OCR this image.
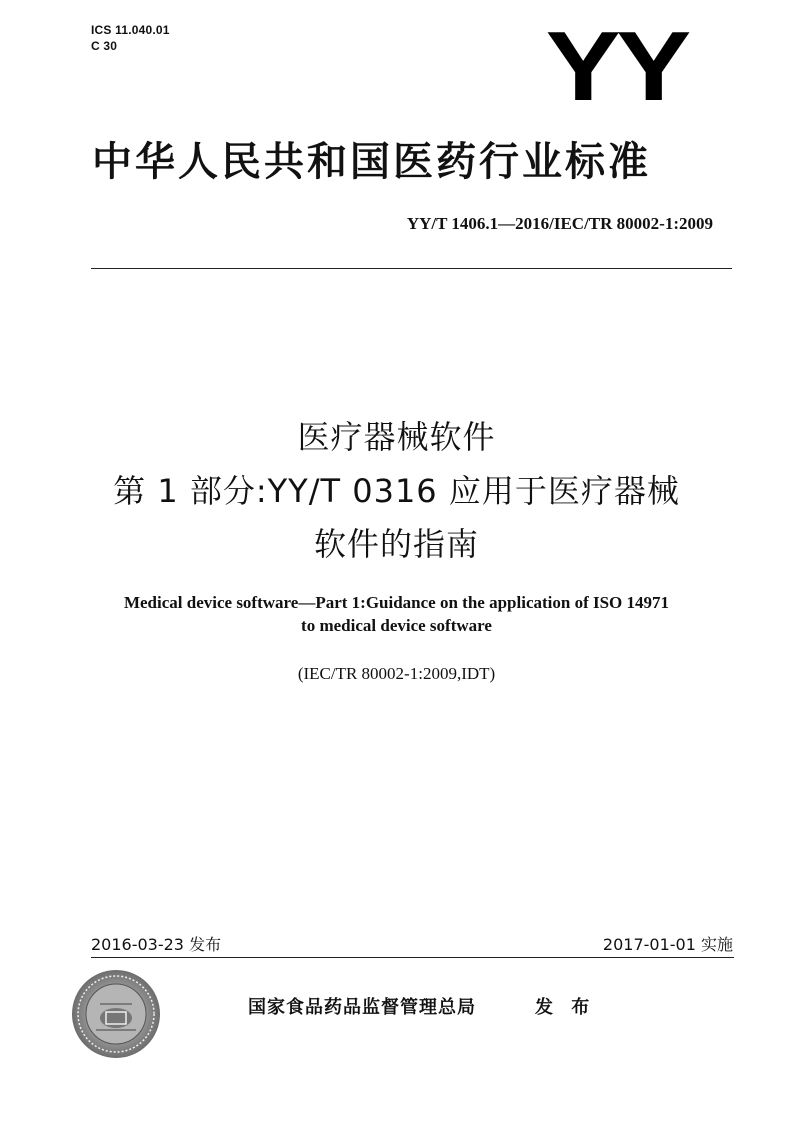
ICS 11.040.01
C 30	YY
中华人民共和国医药行业标准
YY/T 1406.1—2016/IEC/TR 80002-1:2009
医疗器械软件
第 1 部分:YY/T 0316 应用于医疗器械
软件的指南
Medical device software—Part 1:Guidance on the application of ISO 14971
to medical device software
(IEC/TR 80002-1:2009,IDT)
2016-03-23 发布	2017-01-01 实施
国家食品药品监督管理总局	发 布
